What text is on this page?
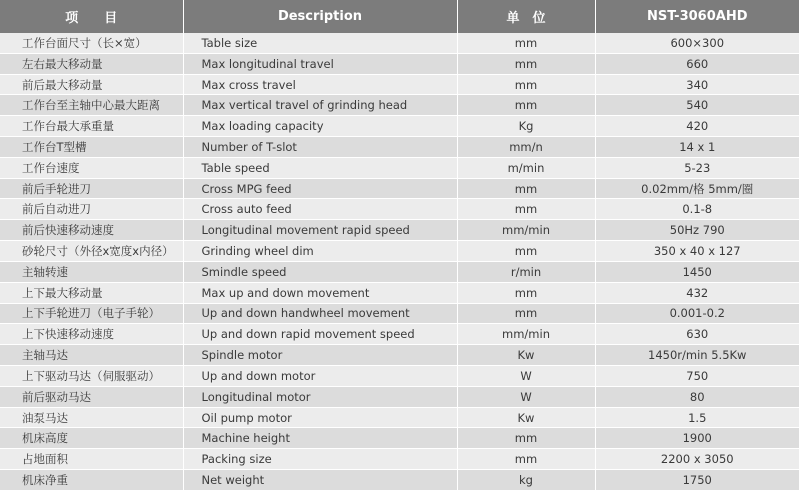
项　　目	Description	单　位	NST-3060AHD
工作台面尺寸（长×宽）	Table size	mm	600×300
左右最大移动量	Max longitudinal travel	mm	660
前后最大移动量	Max cross travel	mm	340
工作台至主轴中心最大距离	Max vertical travel of grinding head	mm	540
工作台最大承重量	Max loading capacity	Kg	420
工作台T型槽	Number of T-slot	mm/n	14 x 1
工作台速度	Table speed	m/min	5-23
前后手轮进刀	Cross MPG feed	mm	0.02mm/格 5mm/圈
前后自动进刀	Cross auto feed	mm	0.1-8
前后快速移动速度	Longitudinal movement rapid speed	mm/min	50Hz 790
砂轮尺寸（外径x宽度x内径）	Grinding wheel dim	mm	350 x 40 x 127
主轴转速	Smindle speed	r/min	1450
上下最大移动量	Max up and down movement	mm	432
上下手轮进刀（电子手轮）	Up and down handwheel movement	mm	0.001-0.2
上下快速移动速度	Up and down rapid movement speed	mm/min	630
主轴马达	Spindle motor	Kw	1450r/min 5.5Kw
上下驱动马达（伺服驱动）	Up and down motor	W	750
前后驱动马达	Longitudinal motor	W	80
油泵马达	Oil pump motor	Kw	1.5
机床高度	Machine height	mm	1900
占地面积	Packing size	mm	2200 x 3050
机床净重	Net weight	kg	1750
